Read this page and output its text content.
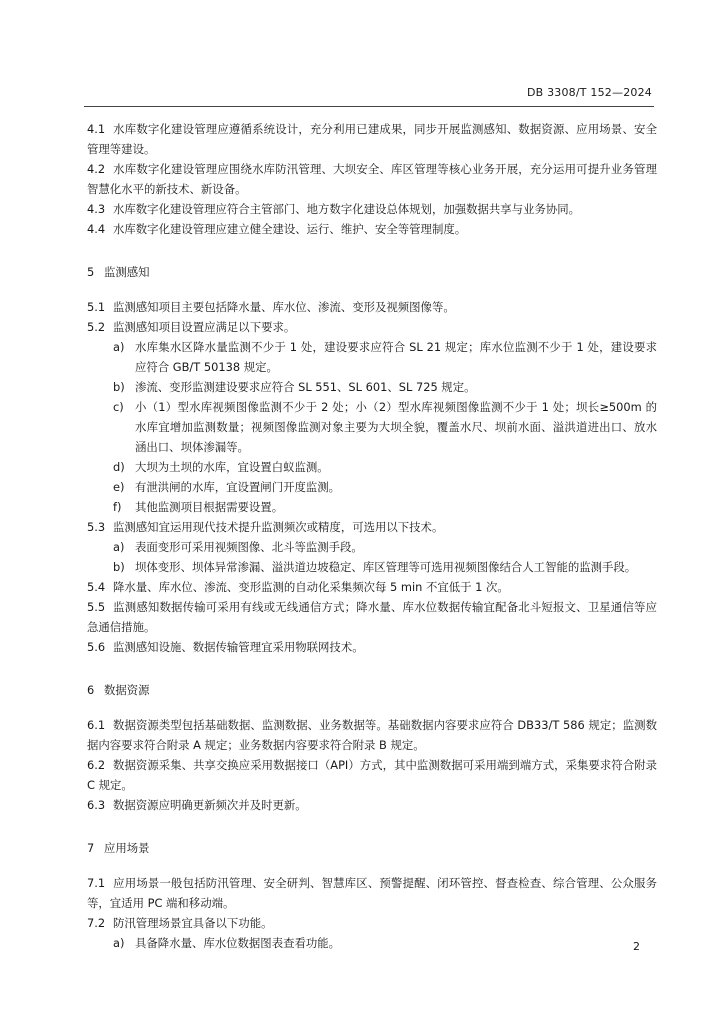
DB 3308/T 152—2024

4.1 水库数字化建设管理应遵循系统设计，充分利用已建成果，同步开展监测感知、数据资源、应用场景、安全管理等建设。

4.2 水库数字化建设管理应围绕水库防汛管理、大坝安全、库区管理等核心业务开展，充分运用可提升业务管理智慧化水平的新技术、新设备。

4.3 水库数字化建设管理应符合主管部门、地方数字化建设总体规划，加强数据共享与业务协同。

4.4 水库数字化建设管理应建立健全建设、运行、维护、安全等管理制度。

5 监测感知

5.1 监测感知项目主要包括降水量、库水位、渗流、变形及视频图像等。

5.2 监测感知项目设置应满足以下要求。

a) 水库集水区降水量监测不少于 1 处，建设要求应符合 SL 21 规定；库水位监测不少于 1 处，建设要求应符合 GB/T 50138 规定。

b) 渗流、变形监测建设要求应符合 SL 551、SL 601、SL 725 规定。

c) 小（1）型水库视频图像监测不少于 2 处；小（2）型水库视频图像监测不少于 1 处；坝长≥500m 的水库宜增加监测数量；视频图像监测对象主要为大坝全貌，覆盖水尺、坝前水面、溢洪道进出口、放水涵出口、坝体渗漏等。

d) 大坝为土坝的水库，宜设置白蚁监测。

e) 有泄洪闸的水库，宜设置闸门开度监测。

f) 其他监测项目根据需要设置。

5.3 监测感知宜运用现代技术提升监测频次或精度，可选用以下技术。

a) 表面变形可采用视频图像、北斗等监测手段。

b) 坝体变形、坝体异常渗漏、溢洪道边坡稳定、库区管理等可选用视频图像结合人工智能的监测手段。

5.4 降水量、库水位、渗流、变形监测的自动化采集频次每 5 min 不宜低于 1 次。

5.5 监测感知数据传输可采用有线或无线通信方式；降水量、库水位数据传输宜配备北斗短报文、卫星通信等应急通信措施。

5.6 监测感知设施、数据传输管理宜采用物联网技术。

6 数据资源

6.1 数据资源类型包括基础数据、监测数据、业务数据等。基础数据内容要求应符合 DB33/T 586 规定；监测数据内容要求符合附录 A 规定；业务数据内容要求符合附录 B 规定。

6.2 数据资源采集、共享交换应采用数据接口（API）方式，其中监测数据可采用端到端方式，采集要求符合附录 C 规定。

6.3 数据资源应明确更新频次并及时更新。

7 应用场景

7.1 应用场景一般包括防汛管理、安全研判、智慧库区、预警提醒、闭环管控、督查检查、综合管理、公众服务等，宜适用 PC 端和移动端。

7.2 防汛管理场景宜具备以下功能。

a) 具备降水量、库水位数据图表查看功能。	2
